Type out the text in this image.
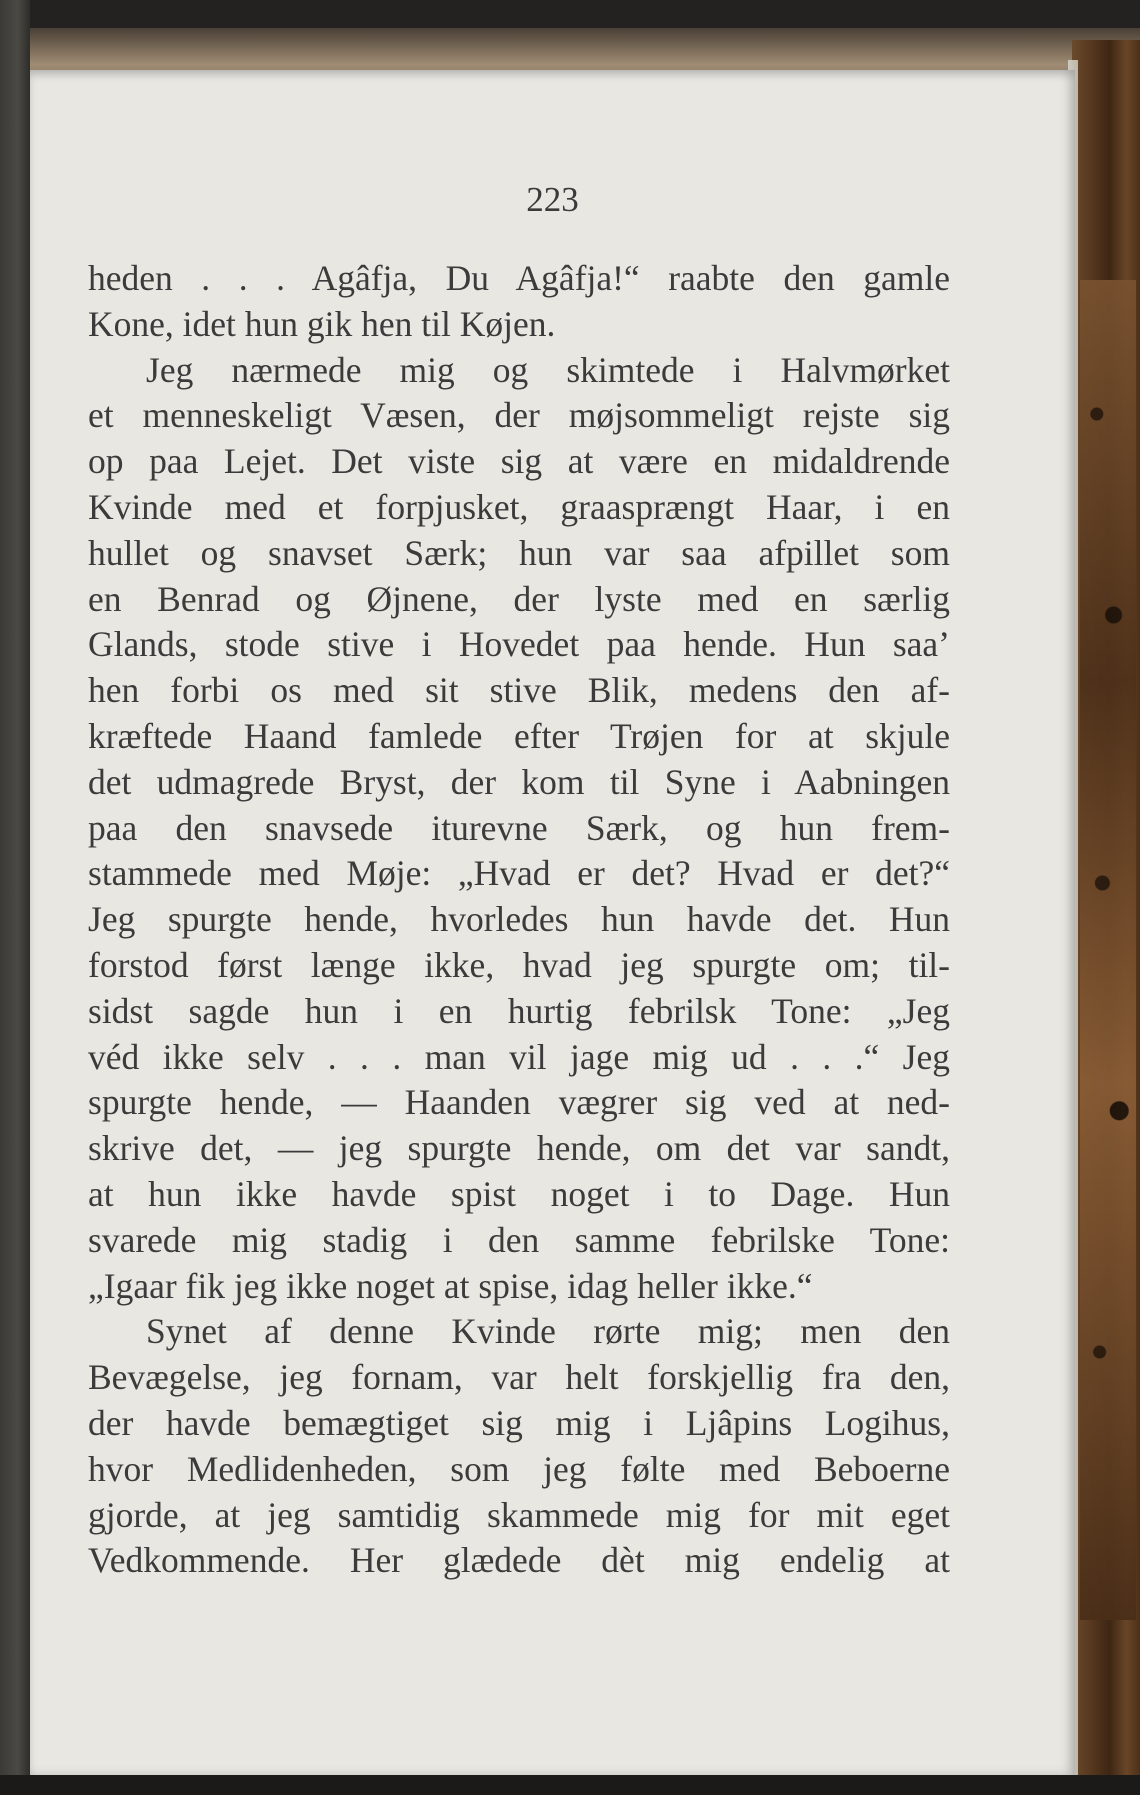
223

heden . . . Agâfja, Du Agâfja!“ raabte den gamle
Kone, idet hun gik hen til Køjen.
Jeg nærmede mig og skimtede i Halvmørket
et menneskeligt Væsen, der møjsommeligt rejste sig
op paa Lejet. Det viste sig at være en midaldrende
Kvinde med et forpjusket, graasprængt Haar, i en
hullet og snavset Særk; hun var saa afpillet som
en Benrad og Øjnene, der lyste med en særlig
Glands, stode stive i Hovedet paa hende. Hun saa’
hen forbi os med sit stive Blik, medens den af-
kræftede Haand famlede efter Trøjen for at skjule
det udmagrede Bryst, der kom til Syne i Aabningen
paa den snavsede iturevne Særk, og hun frem-
stammede med Møje: „Hvad er det? Hvad er det?“
Jeg spurgte hende, hvorledes hun havde det. Hun
forstod først længe ikke, hvad jeg spurgte om; til-
sidst sagde hun i en hurtig febrilsk Tone: „Jeg
véd ikke selv . . . man vil jage mig ud . . .“ Jeg
spurgte hende, — Haanden vægrer sig ved at ned-
skrive det, — jeg spurgte hende, om det var sandt,
at hun ikke havde spist noget i to Dage. Hun
svarede mig stadig i den samme febrilske Tone:
„Igaar fik jeg ikke noget at spise, idag heller ikke.“
Synet af denne Kvinde rørte mig; men den
Bevægelse, jeg fornam, var helt forskjellig fra den,
der havde bemægtiget sig mig i Ljâpins Logihus,
hvor Medlidenheden, som jeg følte med Beboerne
gjorde, at jeg samtidig skammede mig for mit eget
Vedkommende. Her glædede dèt mig endelig at
